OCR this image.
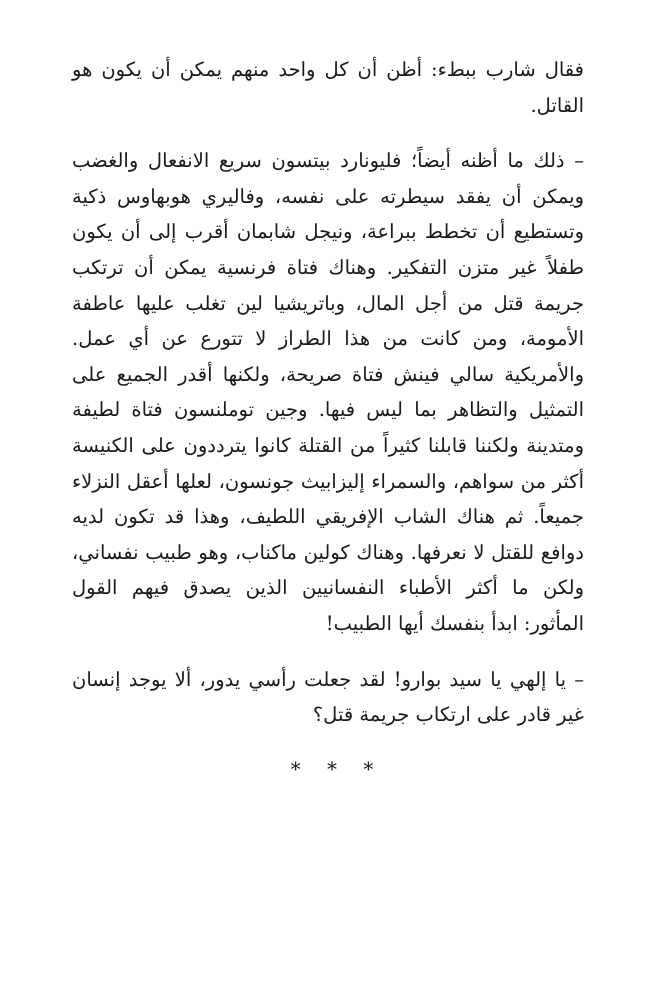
فقال شارب ببطء: أظن أن كل واحد منهم يمكن أن يكون هو القاتل.

– ذلك ما أظنه أيضاً؛ فليونارد بيتسون سريع الانفعال والغضب ويمكن أن يفقد سيطرته على نفسه، وفاليري هوبهاوس ذكية وتستطيع أن تخطط ببراعة، ونيجل شابمان أقرب إلى أن يكون طفلاً غير متزن التفكير. وهناك فتاة فرنسية يمكن أن ترتكب جريمة قتل من أجل المال، وباتريشيا لين تغلب عليها عاطفة الأمومة، ومن كانت من هذا الطراز لا تتورع عن أي عمل. والأمريكية سالي فينش فتاة صريحة، ولكنها أقدر الجميع على التمثيل والتظاهر بما ليس فيها. وجين توملنسون فتاة لطيفة ومتدينة ولكننا قابلنا كثيراً من القتلة كانوا يترددون على الكنيسة أكثر من سواهم، والسمراء إليزابيث جونسون، لعلها أعقل النزلاء جميعاً. ثم هناك الشاب الإفريقي اللطيف، وهذا قد تكون لديه دوافع للقتل لا نعرفها. وهناك كولين ماكناب، وهو طبيب نفساني، ولكن ما أكثر الأطباء النفسانيين الذين يصدق فيهم القول المأثور: ابدأ بنفسك أيها الطبيب!

– يا إلهي يا سيد بوارو! لقد جعلت رأسي يدور، ألا يوجد إنسان غير قادر على ارتكاب جريمة قتل؟

* * *
